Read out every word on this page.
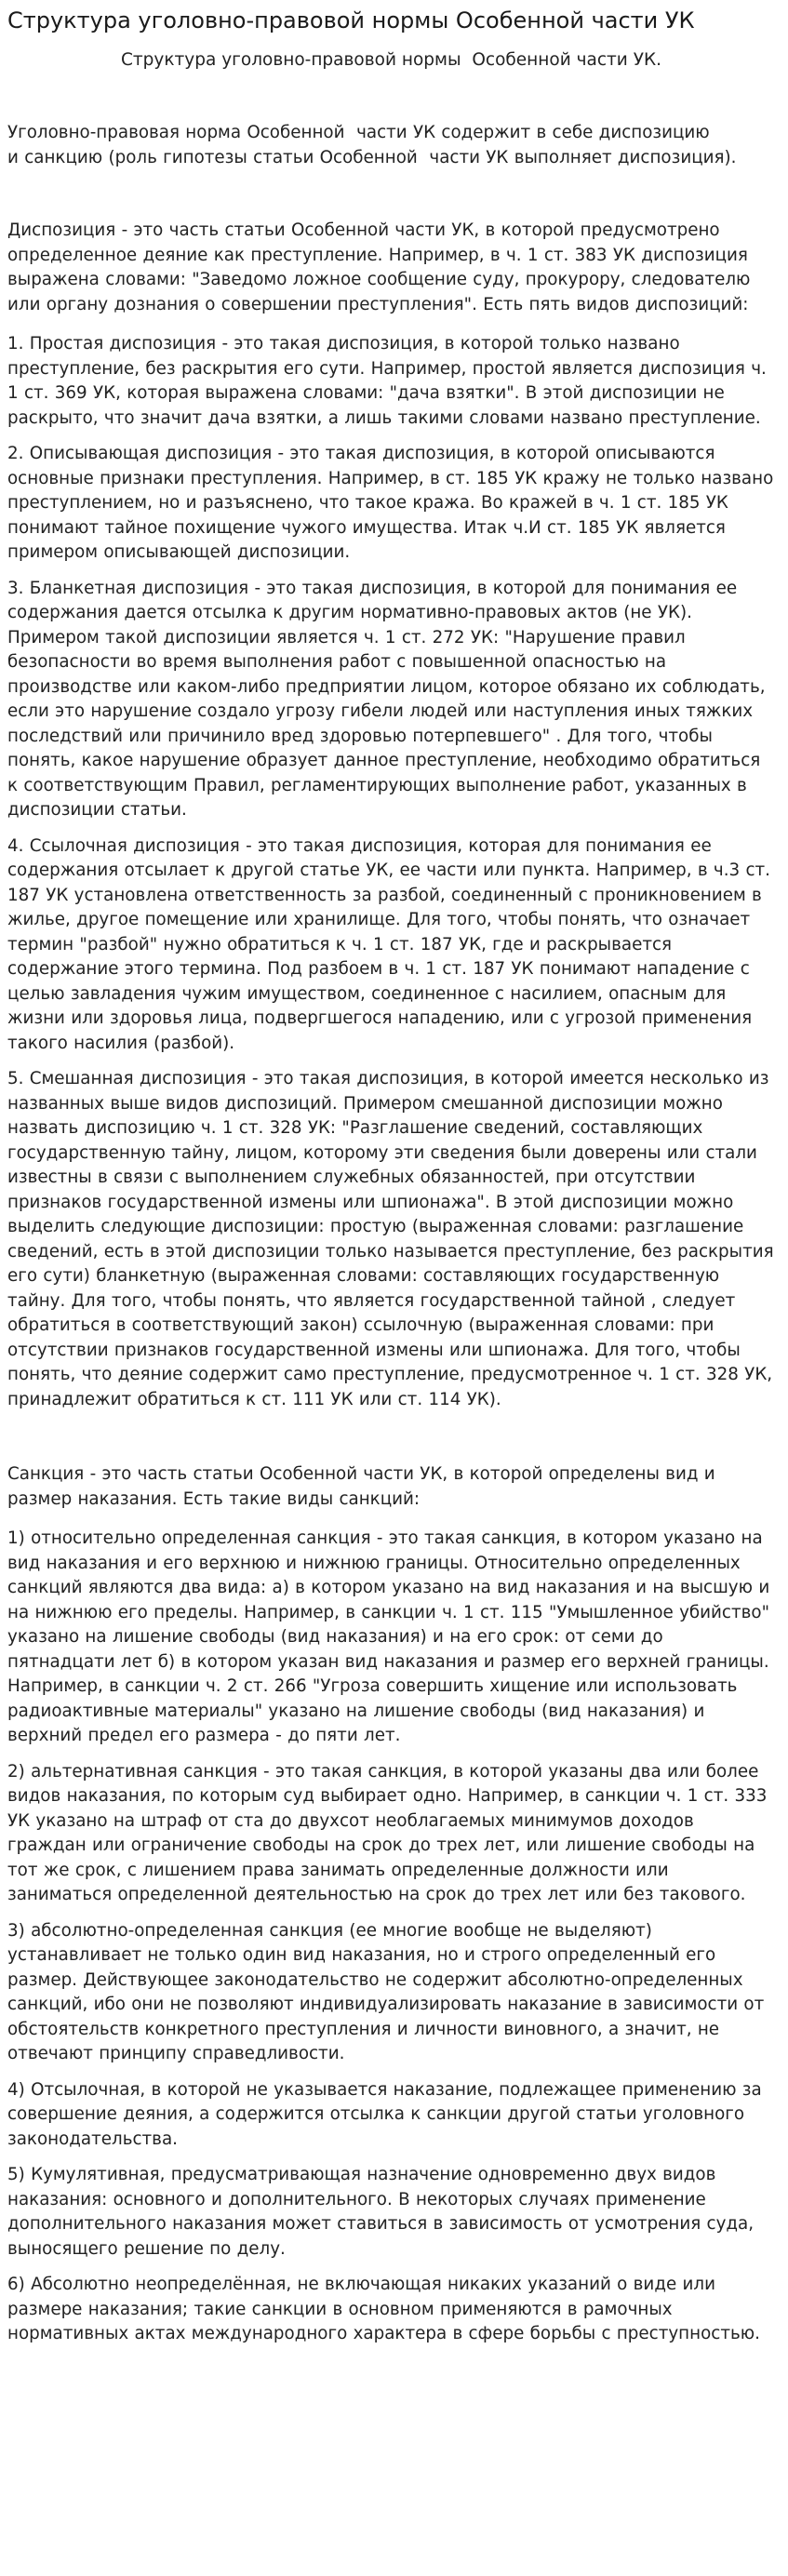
Структура уголовно-правовой нормы Особенной части УК
Структура уголовно-правовой нормы  Особенной части УК.

Уголовно-правовая норма Особенной  части УК содержит в себе диспозицию
и санкцию (роль гипотезы статьи Особенной  части УК выполняет диспозиция).

Диспозиция - это часть статьи Особенной части УК, в которой предусмотрено определенное деяние как преступление. Например, в ч. 1 ст. 383 УК диспозиция выражена словами: "Заведомо ложное сообщение суду, прокурору, следователю или органу дознания о совершении преступления". Есть пять видов диспозиций:

1. Простая диспозиция - это такая диспозиция, в которой только названо преступление, без раскрытия его сути. Например, простой является диспозиция ч. 1 ст. 369 УК, которая выражена словами: "дача взятки". В этой диспозиции не раскрыто, что значит дача взятки, а лишь такими словами названо преступление.

2. Описывающая диспозиция - это такая диспозиция, в которой описываются основные признаки преступления. Например, в ст. 185 УК кражу не только названо преступлением, но и разъяснено, что такое кража. Во кражей в ч. 1 ст. 185 УК понимают тайное похищение чужого имущества. Итак ч.И ст. 185 УК является примером описывающей диспозиции.

3. Бланкетная диспозиция - это такая диспозиция, в которой для понимания ее содержания дается отсылка к другим нормативно-правовых актов (не УК). Примером такой диспозиции является ч. 1 ст. 272 УК: "Нарушение правил безопасности во время выполнения работ с повышенной опасностью на производстве или каком-либо предприятии лицом, которое обязано их соблюдать, если это нарушение создало угрозу гибели людей или наступления иных тяжких последствий или причинило вред здоровью потерпевшего" . Для того, чтобы понять, какое нарушение образует данное преступление, необходимо обратиться к соответствующим Правил, регламентирующих выполнение работ, указанных в диспозиции статьи.

4. Ссылочная диспозиция - это такая диспозиция, которая для понимания ее содержания отсылает к другой статье УК, ее части или пункта. Например, в ч.3 ст. 187 УК установлена ответственность за разбой, соединенный с проникновением в жилье, другое помещение или хранилище. Для того, чтобы понять, что означает термин "разбой" нужно обратиться к ч. 1 ст. 187 УК, где и раскрывается содержание этого термина. Под разбоем в ч. 1 ст. 187 УК понимают нападение с целью завладения чужим имуществом, соединенное с насилием, опасным для жизни или здоровья лица, подвергшегося нападению, или с угрозой применения такого насилия (разбой).

5. Смешанная диспозиция - это такая диспозиция, в которой имеется несколько из названных выше видов диспозиций. Примером смешанной диспозиции можно назвать диспозицию ч. 1 ст. 328 УК: "Разглашение сведений, составляющих государственную тайну, лицом, которому эти сведения были доверены или стали известны в связи с выполнением служебных обязанностей, при отсутствии признаков государственной измены или шпионажа". В этой диспозиции можно выделить следующие диспозиции: простую (выраженная словами: разглашение сведений, есть в этой диспозиции только называется преступление, без раскрытия его сути) бланкетную (выраженная словами: составляющих государственную тайну. Для того, чтобы понять, что является государственной тайной , следует обратиться в соответствующий закон) ссылочную (выраженная словами: при отсутствии признаков государственной измены или шпионажа. Для того, чтобы понять, что деяние содержит само преступление, предусмотренное ч. 1 ст. 328 УК, принадлежит обратиться к ст. 111 УК или ст. 114 УК).

Санкция - это часть статьи Особенной части УК, в которой определены вид и размер наказания. Есть такие виды санкций:

1) относительно определенная санкция - это такая санкция, в котором указано на вид наказания и его верхнюю и нижнюю границы. Относительно определенных санкций являются два вида: а) в котором указано на вид наказания и на высшую и на нижнюю его пределы. Например, в санкции ч. 1 ст. 115 "Умышленное убийство" указано на лишение свободы (вид наказания) и на его срок: от семи до пятнадцати лет б) в котором указан вид наказания и размер его верхней границы. Например, в санкции ч. 2 ст. 266 "Угроза совершить хищение или использовать радиоактивные материалы" указано на лишение свободы (вид наказания) и верхний предел его размера - до пяти лет.

2) альтернативная санкция - это такая санкция, в которой указаны два или более видов наказания, по которым суд выбирает одно. Например, в санкции ч. 1 ст. 333 УК указано на штраф от ста до двухсот необлагаемых минимумов доходов граждан или ограничение свободы на срок до трех лет, или лишение свободы на тот же срок, с лишением права занимать определенные должности или заниматься определенной деятельностью на срок до трех лет или без такового.

3) абсолютно-определенная санкция (ее многие вообще не выделяют) устанавливает не только один вид наказания, но и строго определенный его размер. Действующее законодательство не содержит абсолютно-определенных санкций, ибо они не позволяют индивидуализировать наказание в зависимости от обстоятельств конкретного преступления и личности виновного, а значит, не отвечают принципу справедливости.

4) Отсылочная, в которой не указывается наказание, подлежащее применению за совершение деяния, а содержится отсылка к санкции другой статьи уголовного законодательства.

5) Кумулятивная, предусматривающая назначение одновременно двух видов наказания: основного и дополнительного. В некоторых случаях применение дополнительного наказания может ставиться в зависимость от усмотрения суда, выносящего решение по делу.

6) Абсолютно неопределённая, не включающая никаких указаний о виде или размере наказания; такие санкции в основном применяются в рамочных нормативных актах международного характера в сфере борьбы с преступностью.
